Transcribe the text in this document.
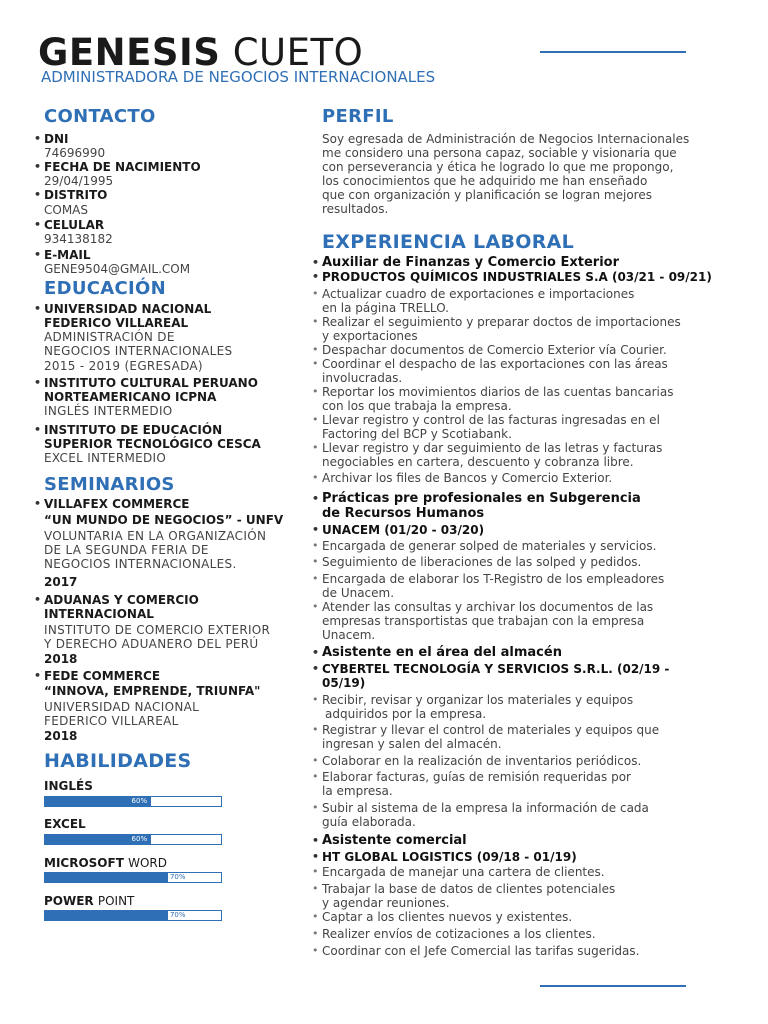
GENESIS CUETO
ADMINISTRADORA DE NEGOCIOS INTERNACIONALES
CONTACTO
• DNI
74696990
• FECHA DE NACIMIENTO
29/04/1995
• DISTRITO
COMAS
• CELULAR
934138182
• E-MAIL
GENE9504@GMAIL.COM
EDUCACIÓN
• UNIVERSIDAD NACIONAL
FEDERICO VILLAREAL
ADMINISTRACIÓN DE
NEGOCIOS INTERNACIONALES
2015 - 2019 (EGRESADA)
• INSTITUTO CULTURAL PERUANO
NORTEAMERICANO ICPNA
INGLÉS INTERMEDIO
• INSTITUTO DE EDUCACIÓN
SUPERIOR TECNOLÓGICO CESCA
EXCEL INTERMEDIO
SEMINARIOS
• VILLAFEX COMMERCE
“UN MUNDO DE NEGOCIOS” - UNFV
VOLUNTARIA EN LA ORGANIZACIÓN
DE LA SEGUNDA FERIA DE
NEGOCIOS INTERNACIONALES.
2017
• ADUANAS Y COMERCIO
INTERNACIONAL
INSTITUTO DE COMERCIO EXTERIOR
Y DERECHO ADUANERO DEL PERÚ
2018
• FEDE COMMERCE
“INNOVA, EMPRENDE, TRIUNFA"
UNIVERSIDAD NACIONAL
FEDERICO VILLAREAL
2018
HABILIDADES
INGLÉS
60%
EXCEL
60%
MICROSOFT WORD
70%
POWER POINT
70%
PERFIL
Soy egresada de Administración de Negocios Internacionales
me considero una persona capaz, sociable y visionaria que
con perseverancia y ética he logrado lo que me propongo,
los conocimientos que he adquirido me han enseñado
que con organización y planificación se logran mejores
resultados.
EXPERIENCIA LABORAL
• Auxiliar de Finanzas y Comercio Exterior
• PRODUCTOS QUÍMICOS INDUSTRIALES S.A (03/21 - 09/21)
• Actualizar cuadro de exportaciones e importaciones
en la página TRELLO.
• Realizar el seguimiento y preparar doctos de importaciones
y exportaciones
• Despachar documentos de Comercio Exterior vía Courier.
• Coordinar el despacho de las exportaciones con las áreas
involucradas.
• Reportar los movimientos diarios de las cuentas bancarias
con los que trabaja la empresa.
• Llevar registro y control de las facturas ingresadas en el
Factoring del BCP y Scotiabank.
• Llevar registro y dar seguimiento de las letras y facturas
negociables en cartera, descuento y cobranza libre.
• Archivar los files de Bancos y Comercio Exterior.
• Prácticas pre profesionales en Subgerencia
de Recursos Humanos
• UNACEM (01/20 - 03/20)
• Encargada de generar solped de materiales y servicios.
• Seguimiento de liberaciones de las solped y pedidos.
• Encargada de elaborar los T-Registro de los empleadores
de Unacem.
• Atender las consultas y archivar los documentos de las
empresas transportistas que trabajan con la empresa
Unacem.
• Asistente en el área del almacén
• CYBERTEL TECNOLOGÍA Y SERVICIOS S.R.L. (02/19 - 05/19)
• Recibir, revisar y organizar los materiales y equipos
adquiridos por la empresa.
• Registrar y llevar el control de materiales y equipos que
ingresan y salen del almacén.
• Colaborar en la realización de inventarios periódicos.
• Elaborar facturas, guías de remisión requeridas por
la empresa.
• Subir al sistema de la empresa la información de cada
guía elaborada.
• Asistente comercial
• HT GLOBAL LOGISTICS (09/18 - 01/19)
• Encargada de manejar una cartera de clientes.
• Trabajar la base de datos de clientes potenciales
y agendar reuniones.
• Captar a los clientes nuevos y existentes.
• Realizer envíos de cotizaciones a los clientes.
• Coordinar con el Jefe Comercial las tarifas sugeridas.
